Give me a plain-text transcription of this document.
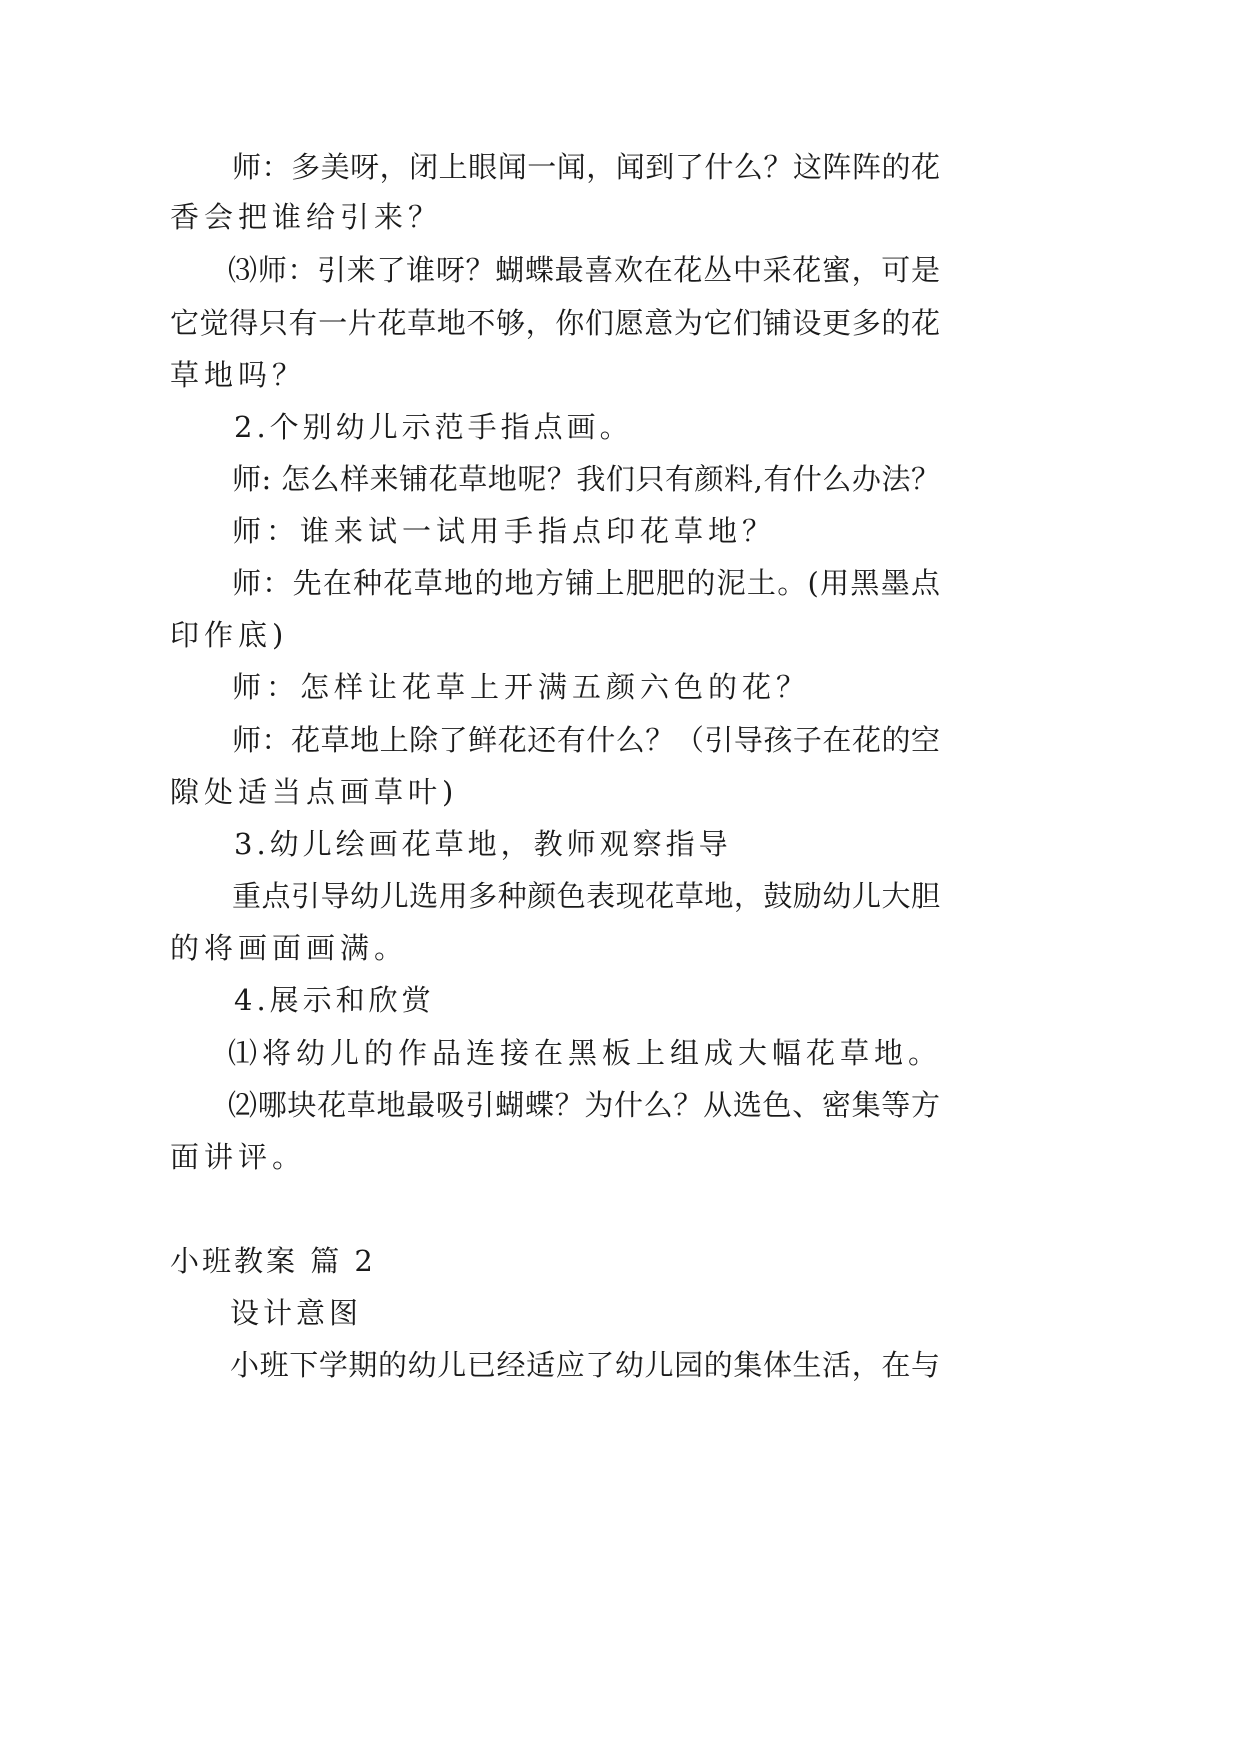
师：多美呀，闭上眼闻一闻，闻到了什么？这阵阵的花
香会把谁给引来？
⑶师：引来了谁呀？蝴蝶最喜欢在花丛中采花蜜，可是
它觉得只有一片花草地不够，你们愿意为它们铺设更多的花
草地吗？
2.个别幼儿示范手指点画。
师: 怎么样来铺花草地呢？我们只有颜料,有什么办法？
师：谁来试一试用手指点印花草地？
师：先在种花草地的地方铺上肥肥的泥土。(用黑墨点
印作底)
师：怎样让花草上开满五颜六色的花？
师：花草地上除了鲜花还有什么？（引导孩子在花的空
隙处适当点画草叶)
3.幼儿绘画花草地，教师观察指导
重点引导幼儿选用多种颜色表现花草地，鼓励幼儿大胆
的将画面画满。
4.展示和欣赏
⑴将幼儿的作品连接在黑板上组成大幅花草地。
⑵哪块花草地最吸引蝴蝶？为什么？从选色、密集等方
面讲评。
小班教案 篇 2
设计意图
小班下学期的幼儿已经适应了幼儿园的集体生活，在与
